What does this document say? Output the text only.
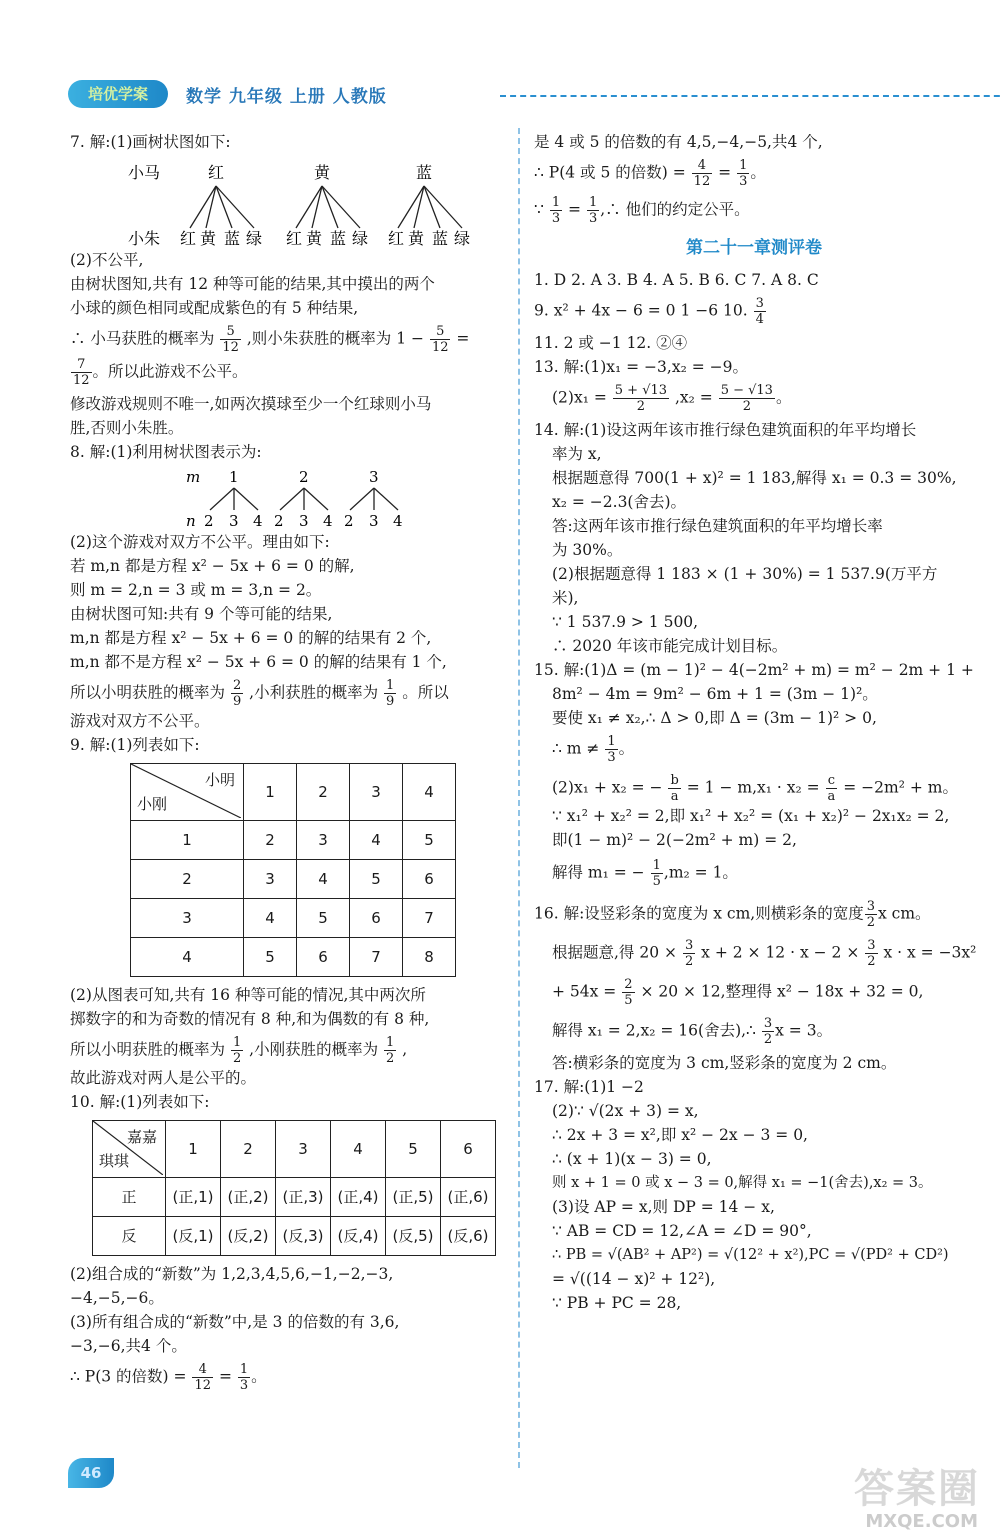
培优学案	数学 九年级 上册 人教版

7. 解:(1)画树状图如下:

小马	红	黄	蓝
小朱 红 黄 蓝 绿 红 黄 蓝 绿 红 黄 蓝 绿

(2)不公平,

由树状图知,共有 12 种等可能的结果,其中摸出的两个

小球的颜色相同或配成紫色的有 5 种结果,

∴ 小马获胜的概率为 $\frac{5}{12}$ ,则小朱获胜的概率为 $1 - \frac{5}{12}$ =

$\frac{7}{12}$ 。所以此游戏不公平。

修改游戏规则不唯一,如两次摸球至少一个红球则小马

胜,否则小朱胜。

8. 解:(1)利用树状图表示为:

m 1	2	3
n 2 3 4 2 3 4 2 3 4

(2)这个游戏对双方不公平。理由如下:

若 m,n 都是方程 x² − 5x + 6 = 0 的解,

则 m = 2,n = 3 或 m = 3,n = 2。

由树状图可知:共有 9 个等可能的结果,

m,n 都是方程 x² − 5x + 6 = 0 的解的结果有 2 个,

m,n 都不是方程 x² − 5x + 6 = 0 的解的结果有 1 个,

所以小明获胜的概率为 $\frac{2}{9}$ ,小利获胜的概率为 $\frac{1}{9}$ 。所以

游戏对双方不公平。

9. 解:(1)列表如下:

小明
小刚	1	2	3	4
1	2	3	4	5
2	3	4	5	6
3	4	5	6	7
4	5	6	7	8

(2)从图表可知,共有 16 种等可能的情况,其中两次所

掷数字的和为奇数的情况有 8 种,和为偶数的有 8 种,

所以小明获胜的概率为 $\frac{1}{2}$ ,小刚获胜的概率为 $\frac{1}{2}$ ,

故此游戏对两人是公平的。

10. 解:(1)列表如下:

嘉嘉
琪琪	1	2	3	4	5	6
正	(正,1)	(正,2)	(正,3)	(正,4)	(正,5)	(正,6)
反	(反,1)	(反,2)	(反,3)	(反,4)	(反,5)	(反,6)

(2)组合成的“新数”为 1,2,3,4,5,6,−1,−2,−3,

−4,−5,−6。

(3)所有组合成的“新数”中,是 3 的倍数的有 3,6,

−3,−6,共4 个。

∴ P(3 的倍数) = $\frac{4}{12} = \frac{1}{3}$ 。

是 4 或 5 的倍数的有 4,5,−4,−5,共4 个,

∴ P(4 或 5 的倍数) = $\frac{4}{12} = \frac{1}{3}$ 。

∵ $\frac{1}{3} = \frac{1}{3}$ ,∴ 他们的约定公平。

第二十一章测评卷

1. D 2. A 3. B 4. A 5. B 6. C 7. A 8. C

9. x² + 4x − 6 = 0 1 −6 10. $\frac{3}{4}$

11. 2 或 −1 12. ②④

13. 解:(1)x₁ = −3,x₂ = −9。

$(2)x_1 = \frac{5 + √13}{2} ,x_2 = \frac{5 - √13}{2}$ 。

14. 解:(1)设这两年该市推行绿色建筑面积的年平均增长

率为 x,

根据题意得 700(1 + x)² = 1 183,解得 x₁ = 0.3 = 30%,

x₂ = −2.3(舍去)。

答:这两年该市推行绿色建筑面积的年平均增长率

为 30%。

(2)根据题意得 1 183 × (1 + 30%) = 1 537.9(万平方

米),

∵ 1 537.9 > 1 500,

∴ 2020 年该市能完成计划目标。

15. 解:(1)Δ = (m − 1)² − 4(−2m² + m) = m² − 2m + 1 +

8m² − 4m = 9m² − 6m + 1 = (3m − 1)²。

要使 x₁ ≠ x₂,∴ Δ > 0,即 Δ = (3m − 1)² > 0,

∴ $m \ne \frac{1}{3}$ 。

(2)x₁ + x₂ = − $\frac{b}{a} = 1 - m,x_1 \cdot x_2 = \frac{c}{a} = -2m^2 + m$。

∵ x₁² + x₂² = 2,即 x₁² + x₂² = (x₁ + x₂)² − 2x₁x₂ = 2,

即(1 − m)² − 2(−2m² + m) = 2,

解得 m₁ = − $\frac{1}{5} ,m_2 = 1$。

16. 解:设竖彩条的宽度为 x cm,则横彩条的宽度 $\frac{3}{2}$ x cm。

根据题意,得 $20 \times \frac{3}{2}$ $x + 2 \times 12 \cdot x - 2 \times \frac{3}{2}$ x · x = −3x²

+ $54x = \frac{2}{5} \times 20 \times 12$,整理得 x² − 18x + 32 = 0,

解得 x₁ = 2,x₂ = 16(舍去),∴ $\frac{3}{2}$ x = 3。

答:横彩条的宽度为 3 cm,竖彩条的宽度为 2 cm。

17. 解:(1)1 −2

(2)∵ √(2x + 3) = x,

∴ 2x + 3 = x²,即 x² − 2x − 3 = 0,

∴ (x + 1)(x − 3) = 0,

则 x + 1 = 0 或 x − 3 = 0,解得 x₁ = −1(舍去),x₂ = 3。

(3)设 AP = x,则 DP = 14 − x,

∵ AB = CD = 12,∠A = ∠D = 90°,

∴ PB = √(AB² + AP²) = √(12² + x²),PC = √(PD² + CD²)

= √((14 − x)² + 12²),

∵ PB + PC = 28,

46	答案圈
MXQE.COM
